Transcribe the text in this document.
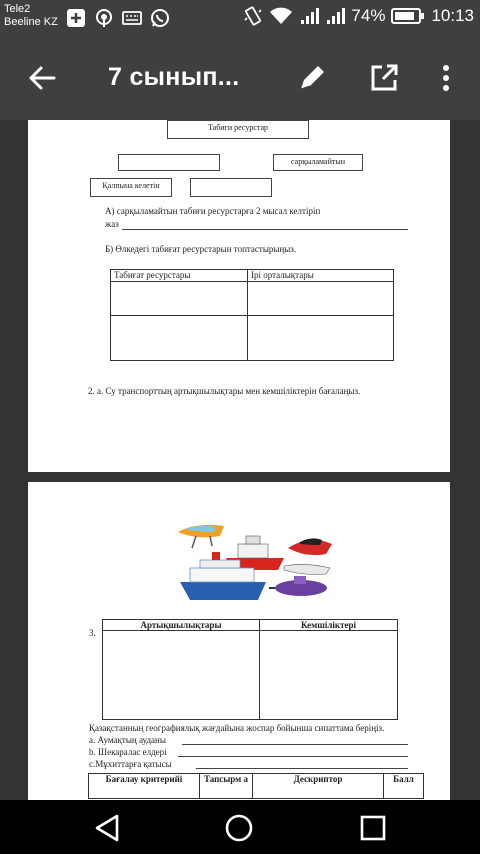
Tele2
Beeline KZ	74%	10:13
7 сынып...
Табиғи ресурстар
сарқыламайтын
Қалпына келетін
А) сарқыламайтын табиғи ресурстарға 2 мысал келтіріп
жаз
Б) Өлкедегі табиғат ресурстарын топтастырыңыз.
Табиғат ресурстары	Ірі орталықтары

2. а. Су транспорттың артықшылықтары мен кемшіліктерін бағалаңыз.
3.
Артықшылықтары	Кемшіліктері

Қазақстанның географиялық жағдайына жоспар бойынша сипаттама беріңіз.
а. Аумақтың ауданы
b. Шекаралас елдері
c.Мұхиттарға қатысы
Бағалау критерийі	Тапсырм а	Дескриптор	Балл
